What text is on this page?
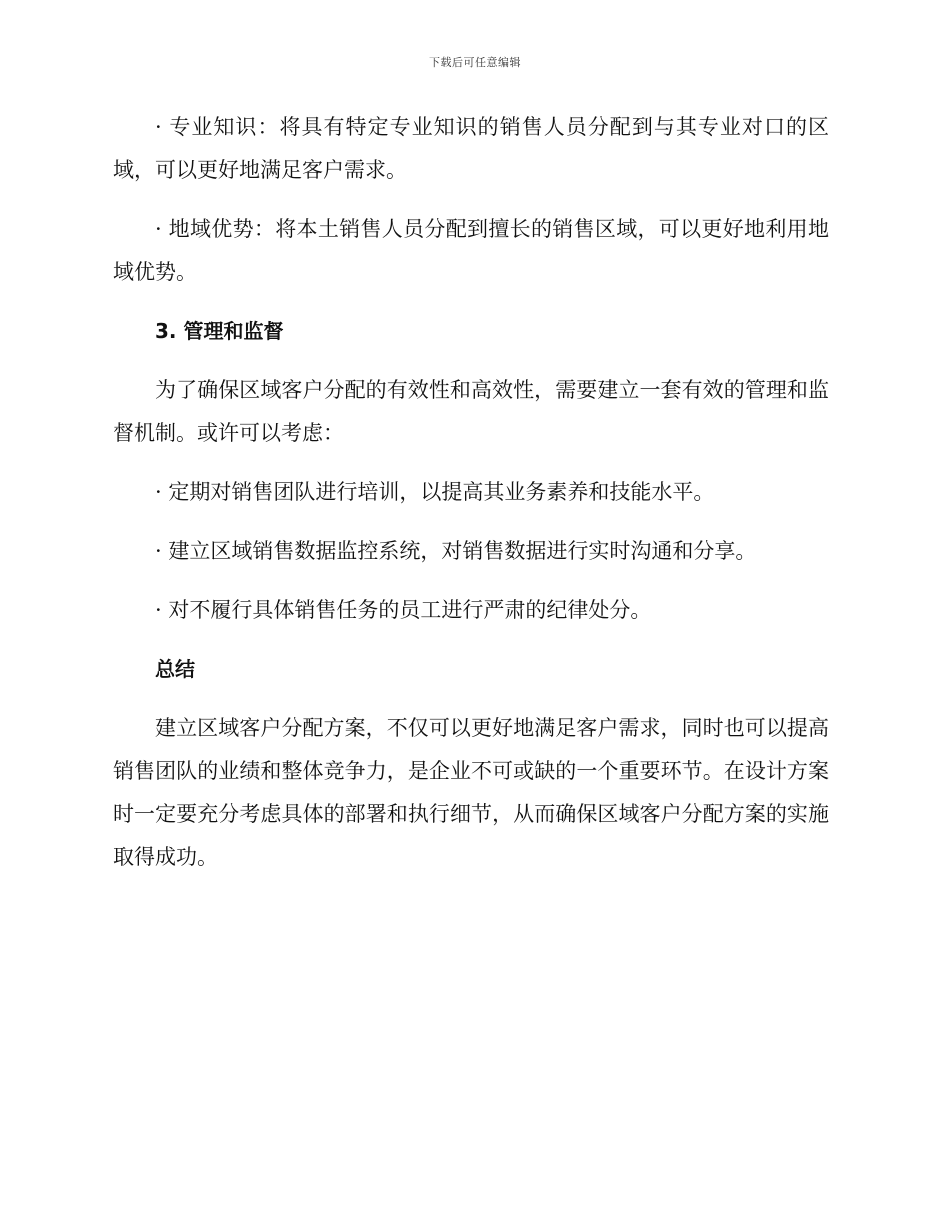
下载后可任意编辑

· 专业知识：将具有特定专业知识的销售人员分配到与其专业对口的区域，可以更好地满足客户需求。

· 地域优势：将本土销售人员分配到擅长的销售区域，可以更好地利用地域优势。

3. 管理和监督

为了确保区域客户分配的有效性和高效性，需要建立一套有效的管理和监督机制。或许可以考虑：

· 定期对销售团队进行培训，以提高其业务素养和技能水平。

· 建立区域销售数据监控系统，对销售数据进行实时沟通和分享。

· 对不履行具体销售任务的员工进行严肃的纪律处分。

总结

建立区域客户分配方案，不仅可以更好地满足客户需求，同时也可以提高销售团队的业绩和整体竞争力，是企业不可或缺的一个重要环节。在设计方案时一定要充分考虑具体的部署和执行细节，从而确保区域客户分配方案的实施取得成功。
